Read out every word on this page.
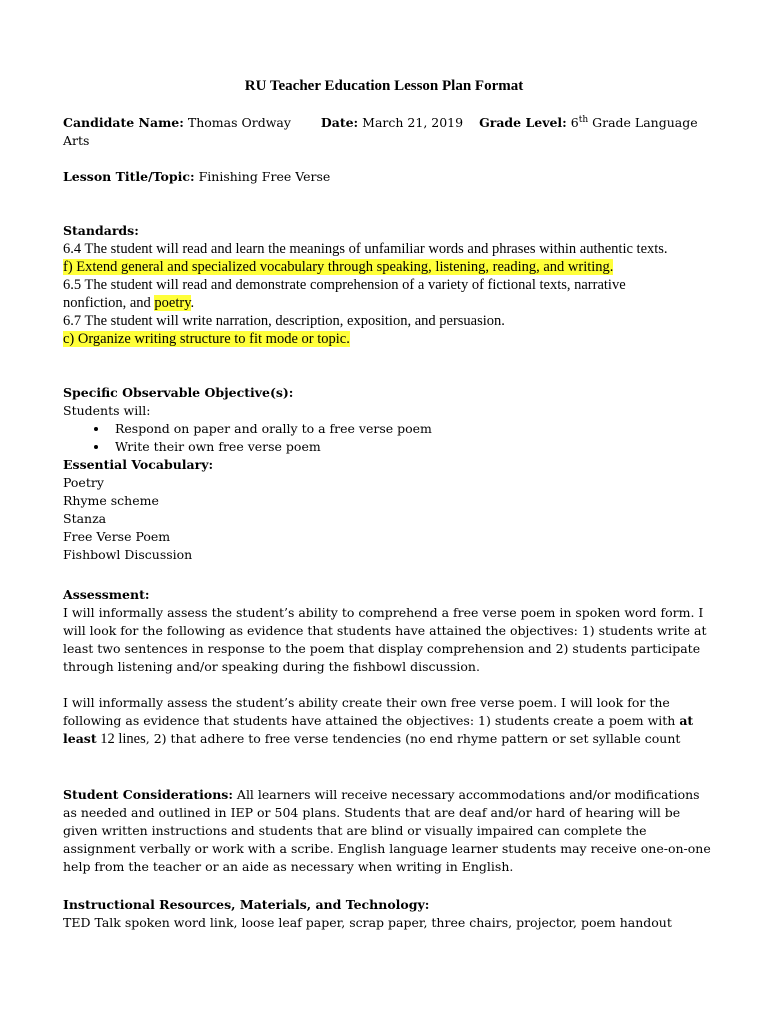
RU Teacher Education Lesson Plan Format
Candidate Name: Thomas Ordway Date: March 21, 2019 Grade Level: 6th Grade Language
Arts
Lesson Title/Topic: Finishing Free Verse
Standards:
6.4 The student will read and learn the meanings of unfamiliar words and phrases within authentic texts.
f) Extend general and specialized vocabulary through speaking, listening, reading, and writing.
6.5 The student will read and demonstrate comprehension of a variety of fictional texts, narrative
nonfiction, and poetry.
6.7 The student will write narration, description, exposition, and persuasion.
c) Organize writing structure to fit mode or topic.
Specific Observable Objective(s):
Students will:
• Respond on paper and orally to a free verse poem
• Write their own free verse poem
Essential Vocabulary:
Poetry
Rhyme scheme
Stanza
Free Verse Poem
Fishbowl Discussion
Assessment:

I will informally assess the student’s ability to comprehend a free verse poem in spoken word form. I will look for the following as evidence that students have attained the objectives: 1) students write at least two sentences in response to the poem that display comprehension and 2) students participate through listening and/or speaking during the fishbowl discussion.

I will informally assess the student’s ability create their own free verse poem. I will look for the following as evidence that students have attained the objectives: 1) students create a poem with at least 12 lines, 2) that adhere to free verse tendencies (no end rhyme pattern or set syllable count

Student Considerations: All learners will receive necessary accommodations and/or modifications as needed and outlined in IEP or 504 plans. Students that are deaf and/or hard of hearing will be given written instructions and students that are blind or visually impaired can complete the assignment verbally or work with a scribe. English language learner students may receive one-on-one help from the teacher or an aide as necessary when writing in English.

Instructional Resources, Materials, and Technology:
TED Talk spoken word link, loose leaf paper, scrap paper, three chairs, projector, poem handout
